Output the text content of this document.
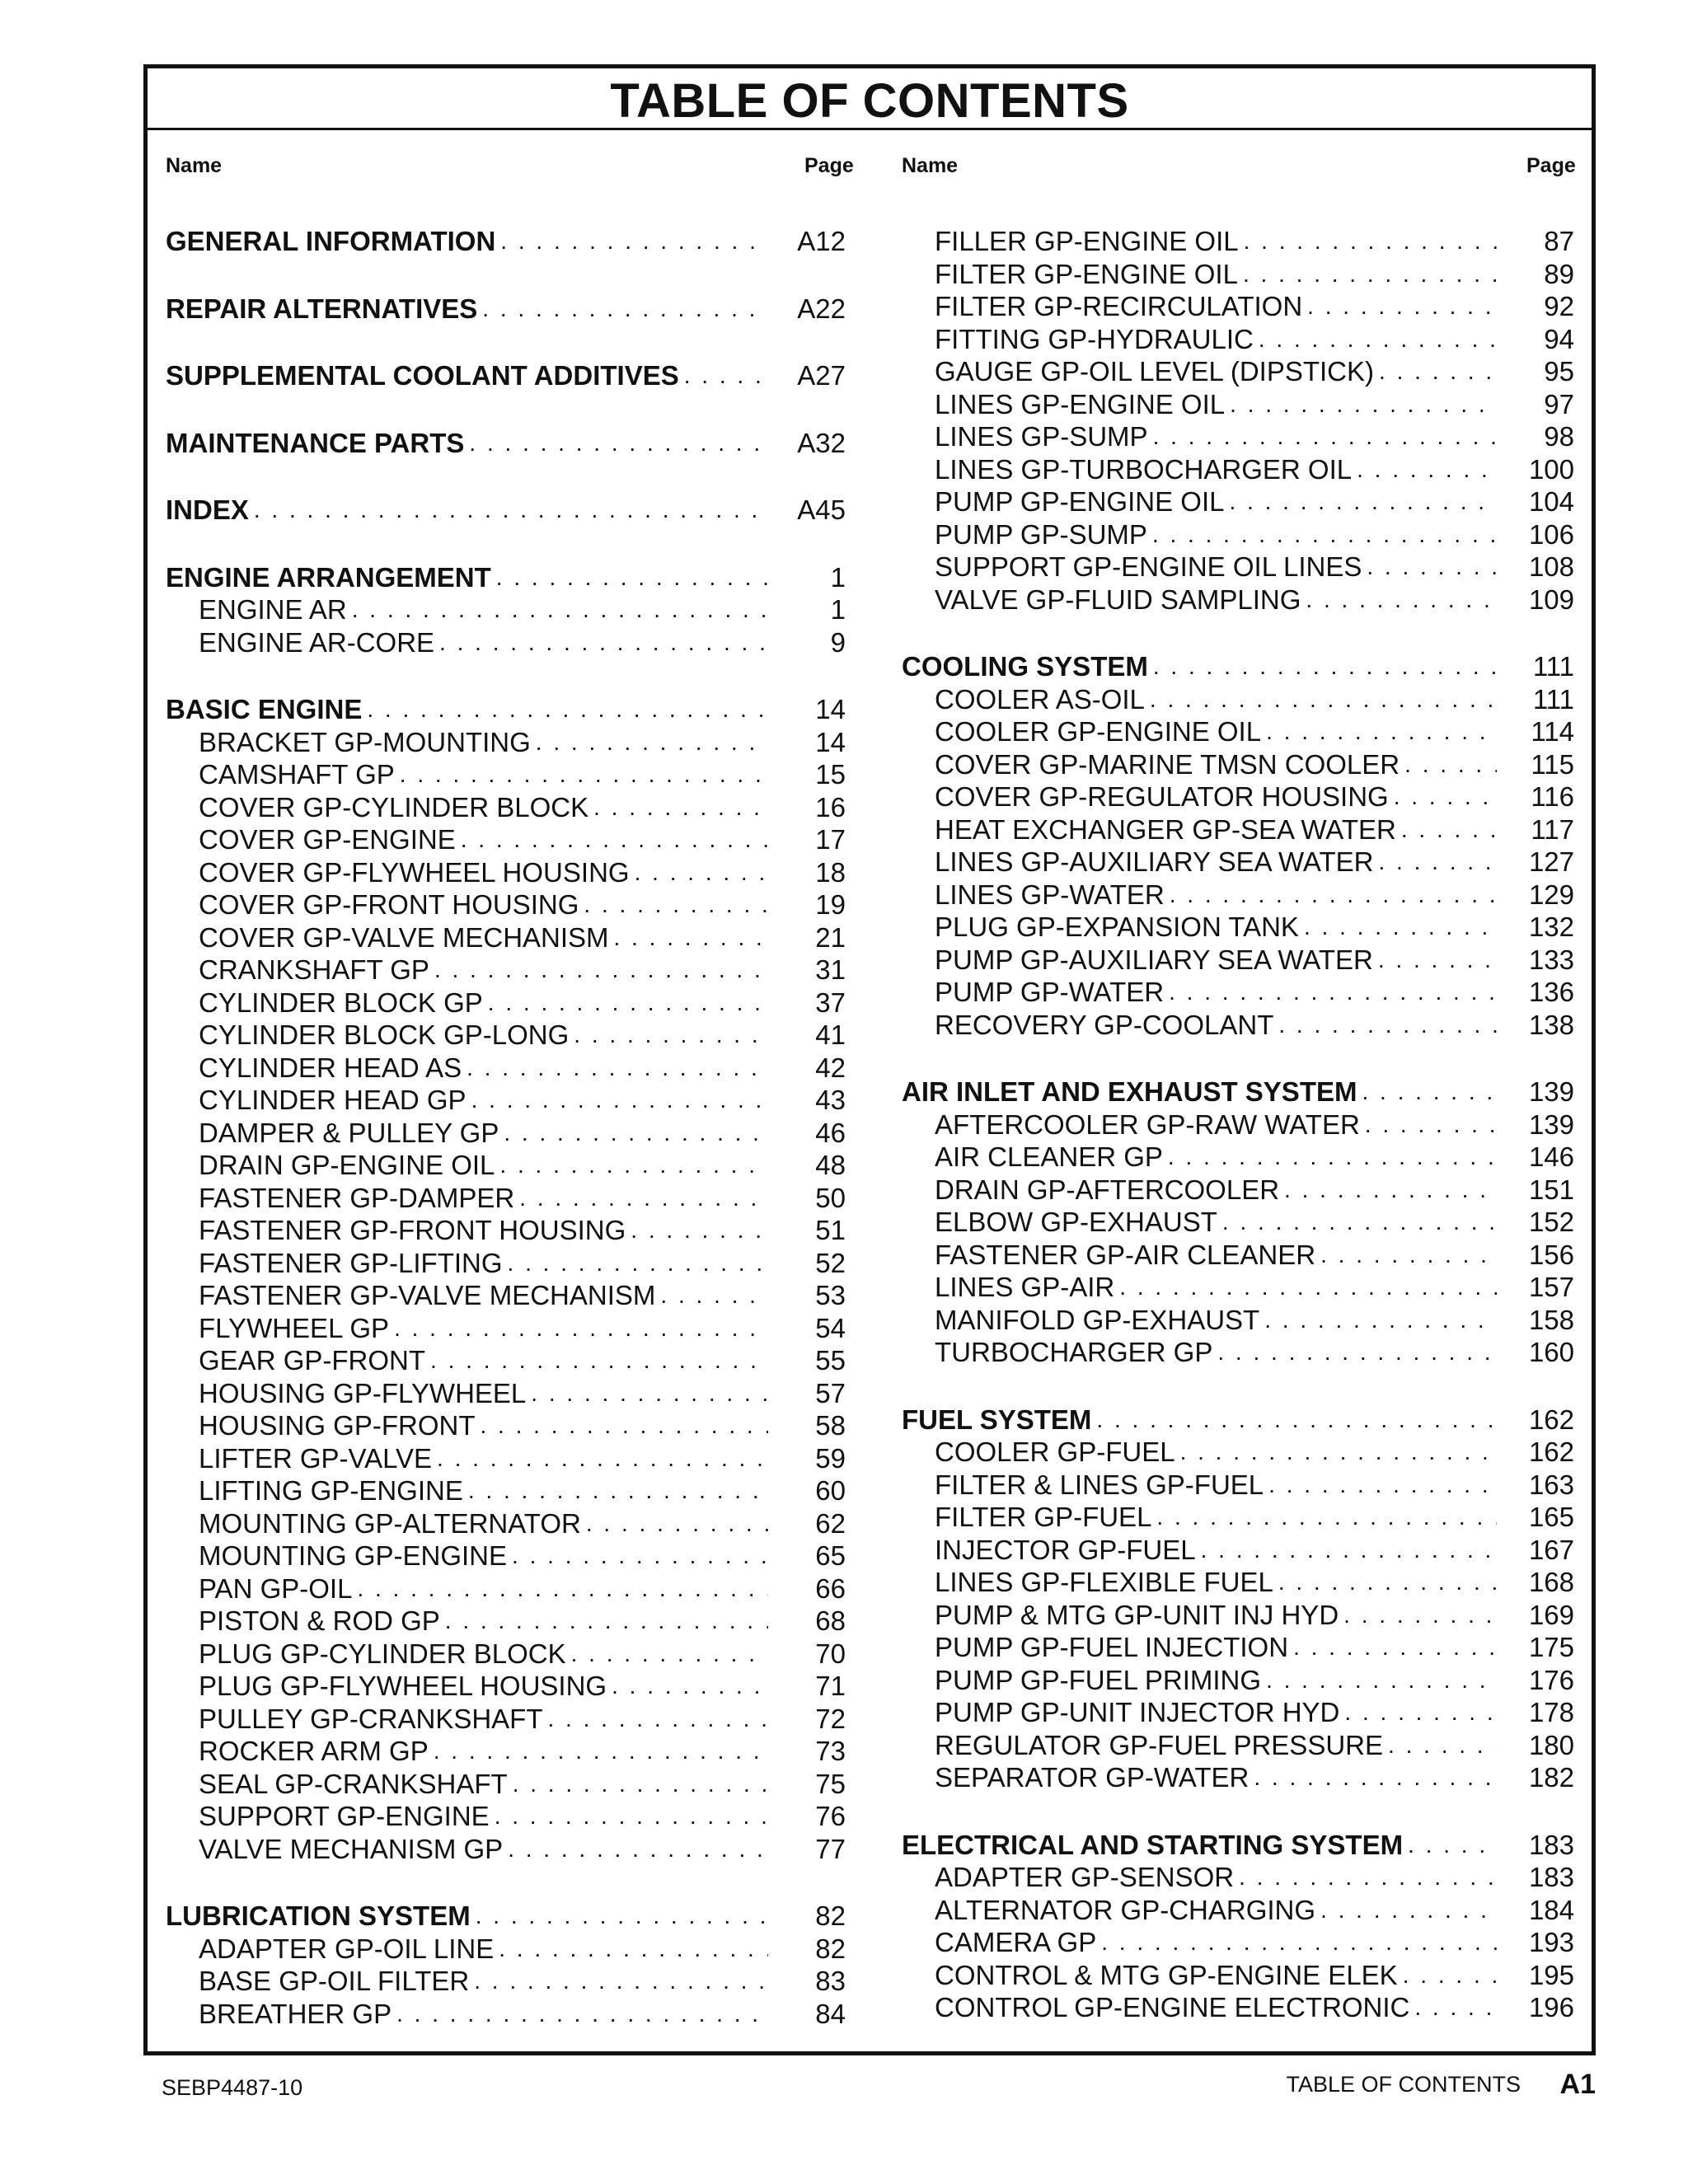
TABLE OF CONTENTS
Name	Page Name	Page
GENERAL INFORMATION . . .	A12
REPAIR ALTERNATIVES . . .	A22
SUPPLEMENTAL COOLANT ADDITIVES . . .	A27
MAINTENANCE PARTS . . .	A32
INDEX . . .	A45
ENGINE ARRANGEMENT . . .	1
ENGINE AR . . .	1
ENGINE AR-CORE . . .	9
BASIC ENGINE . . .	14
BRACKET GP-MOUNTING . . .	14
CAMSHAFT GP . . .	15
COVER GP-CYLINDER BLOCK . . .	16
COVER GP-ENGINE . . .	17
COVER GP-FLYWHEEL HOUSING . . .	18
COVER GP-FRONT HOUSING . . .	19
COVER GP-VALVE MECHANISM . . .	21
CRANKSHAFT GP . . .	31
CYLINDER BLOCK GP . . .	37
CYLINDER BLOCK GP-LONG . . .	41
CYLINDER HEAD AS . . .	42
CYLINDER HEAD GP . . .	43
DAMPER & PULLEY GP . . .	46
DRAIN GP-ENGINE OIL . . .	48
FASTENER GP-DAMPER . . .	50
FASTENER GP-FRONT HOUSING . . .	51
FASTENER GP-LIFTING . . .	52
FASTENER GP-VALVE MECHANISM . . .	53
FLYWHEEL GP . . .	54
GEAR GP-FRONT . . .	55
HOUSING GP-FLYWHEEL . . .	57
HOUSING GP-FRONT . . .	58
LIFTER GP-VALVE . . .	59
LIFTING GP-ENGINE . . .	60
MOUNTING GP-ALTERNATOR . . .	62
MOUNTING GP-ENGINE . . .	65
PAN GP-OIL . . .	66
PISTON & ROD GP . . .	68
PLUG GP-CYLINDER BLOCK . . .	70
PLUG GP-FLYWHEEL HOUSING . . .	71
PULLEY GP-CRANKSHAFT . . .	72
ROCKER ARM GP . . .	73
SEAL GP-CRANKSHAFT . . .	75
SUPPORT GP-ENGINE . . .	76
VALVE MECHANISM GP . . .	77
LUBRICATION SYSTEM . . .	82
ADAPTER GP-OIL LINE . . .	82
BASE GP-OIL FILTER . . .	83
BREATHER GP . . .	84
FILLER GP-ENGINE OIL . . .	87
FILTER GP-ENGINE OIL . . .	89
FILTER GP-RECIRCULATION . . .	92
FITTING GP-HYDRAULIC . . .	94
GAUGE GP-OIL LEVEL (DIPSTICK) . . .	95
LINES GP-ENGINE OIL . . .	97
LINES GP-SUMP . . .	98
LINES GP-TURBOCHARGER OIL . . .	100
PUMP GP-ENGINE OIL . . .	104
PUMP GP-SUMP . . .	106
SUPPORT GP-ENGINE OIL LINES . . .	108
VALVE GP-FLUID SAMPLING . . .	109
COOLING SYSTEM . . .	111
COOLER AS-OIL . . .	111
COOLER GP-ENGINE OIL . . .	114
COVER GP-MARINE TMSN COOLER . . .	115
COVER GP-REGULATOR HOUSING . . .	116
HEAT EXCHANGER GP-SEA WATER . . .	117
LINES GP-AUXILIARY SEA WATER . . .	127
LINES GP-WATER . . .	129
PLUG GP-EXPANSION TANK . . .	132
PUMP GP-AUXILIARY SEA WATER . . .	133
PUMP GP-WATER . . .	136
RECOVERY GP-COOLANT . . .	138
AIR INLET AND EXHAUST SYSTEM . . .	139
AFTERCOOLER GP-RAW WATER . . .	139
AIR CLEANER GP . . .	146
DRAIN GP-AFTERCOOLER . . .	151
ELBOW GP-EXHAUST . . .	152
FASTENER GP-AIR CLEANER . . .	156
LINES GP-AIR . . .	157
MANIFOLD GP-EXHAUST . . .	158
TURBOCHARGER GP . . .	160
FUEL SYSTEM . . .	162
COOLER GP-FUEL . . .	162
FILTER & LINES GP-FUEL . . .	163
FILTER GP-FUEL . . .	165
INJECTOR GP-FUEL . . .	167
LINES GP-FLEXIBLE FUEL . . .	168
PUMP & MTG GP-UNIT INJ HYD . . .	169
PUMP GP-FUEL INJECTION . . .	175
PUMP GP-FUEL PRIMING . . .	176
PUMP GP-UNIT INJECTOR HYD . . .	178
REGULATOR GP-FUEL PRESSURE . . .	180
SEPARATOR GP-WATER . . .	182
ELECTRICAL AND STARTING SYSTEM . . .	183
ADAPTER GP-SENSOR . . .	183
ALTERNATOR GP-CHARGING . . .	184
CAMERA GP . . .	193
CONTROL & MTG GP-ENGINE ELEK . . .	195
CONTROL GP-ENGINE ELECTRONIC . . .	196
SEBP4487-10	TABLE OF CONTENTS A1
